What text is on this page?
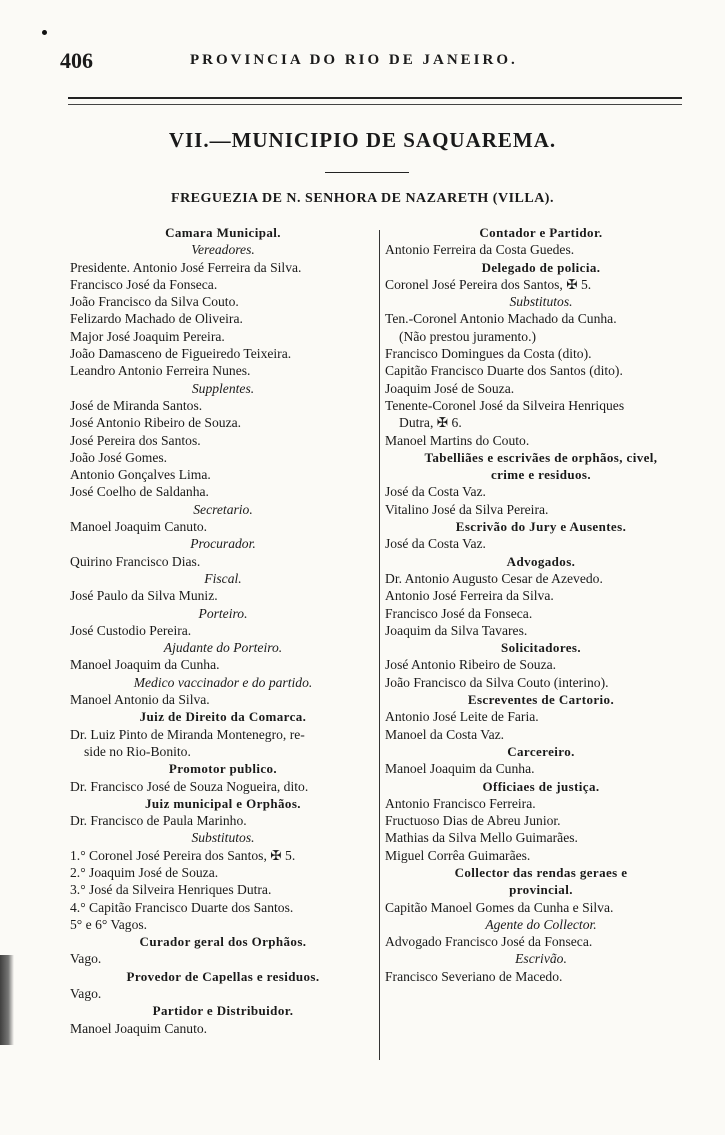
406	PROVINCIA DO RIO DE JANEIRO.
VII.—MUNICIPIO DE SAQUAREMA.
FREGUEZIA DE N. SENHORA DE NAZARETH (VILLA).
Camara Municipal.
Vereadores.
Presidente. Antonio José Ferreira da Silva.
Francisco José da Fonseca.
João Francisco da Silva Couto.
Felizardo Machado de Oliveira.
Major José Joaquim Pereira.
João Damasceno de Figueiredo Teixeira.
Leandro Antonio Ferreira Nunes.
Supplentes.
José de Miranda Santos.
José Antonio Ribeiro de Souza.
José Pereira dos Santos.
João José Gomes.
Antonio Gonçalves Lima.
José Coelho de Saldanha.
Secretario.
Manoel Joaquim Canuto.
Procurador.
Quirino Francisco Dias.
Fiscal.
José Paulo da Silva Muniz.
Porteiro.
José Custodio Pereira.
Ajudante do Porteiro.
Manoel Joaquim da Cunha.
Medico vaccinador e do partido.
Manoel Antonio da Silva.
Juiz de Direito da Comarca.
Dr. Luiz Pinto de Miranda Montenegro, re-
side no Rio-Bonito.
Promotor publico.
Dr. Francisco José de Souza Nogueira, dito.
Juiz municipal e Orphãos.
Dr. Francisco de Paula Marinho.
Substitutos.
1.° Coronel José Pereira dos Santos, ✠ 5.
2.° Joaquim José de Souza.
3.° José da Silveira Henriques Dutra.
4.° Capitão Francisco Duarte dos Santos.
5° e 6° Vagos.
Curador geral dos Orphãos.
Vago.
Provedor de Capellas e residuos.
Vago.
Partidor e Distribuidor.
Manoel Joaquim Canuto.
Contador e Partidor.
Antonio Ferreira da Costa Guedes.
Delegado de policia.
Coronel José Pereira dos Santos, ✠ 5.
Substitutos.
Ten.-Coronel Antonio Machado da Cunha.
(Não prestou juramento.)
Francisco Domingues da Costa (dito).
Capitão Francisco Duarte dos Santos (dito).
Joaquim José de Souza.
Tenente-Coronel José da Silveira Henriques
Dutra, ✠ 6.
Manoel Martins do Couto.
Tabelliães e escrivães de orphãos, civel,
crime e residuos.
José da Costa Vaz.
Vitalino José da Silva Pereira.
Escrivão do Jury e Ausentes.
José da Costa Vaz.
Advogados.
Dr. Antonio Augusto Cesar de Azevedo.
Antonio José Ferreira da Silva.
Francisco José da Fonseca.
Joaquim da Silva Tavares.
Solicitadores.
José Antonio Ribeiro de Souza.
João Francisco da Silva Couto (interino).
Escreventes de Cartorio.
Antonio José Leite de Faria.
Manoel da Costa Vaz.
Carcereiro.
Manoel Joaquim da Cunha.
Officiaes de justiça.
Antonio Francisco Ferreira.
Fructuoso Dias de Abreu Junior.
Mathias da Silva Mello Guimarães.
Miguel Corrêa Guimarães.
Collector das rendas geraes e
provincial.
Capitão Manoel Gomes da Cunha e Silva.
Agente do Collector.
Advogado Francisco José da Fonseca.
Escrivão.
Francisco Severiano de Macedo.
